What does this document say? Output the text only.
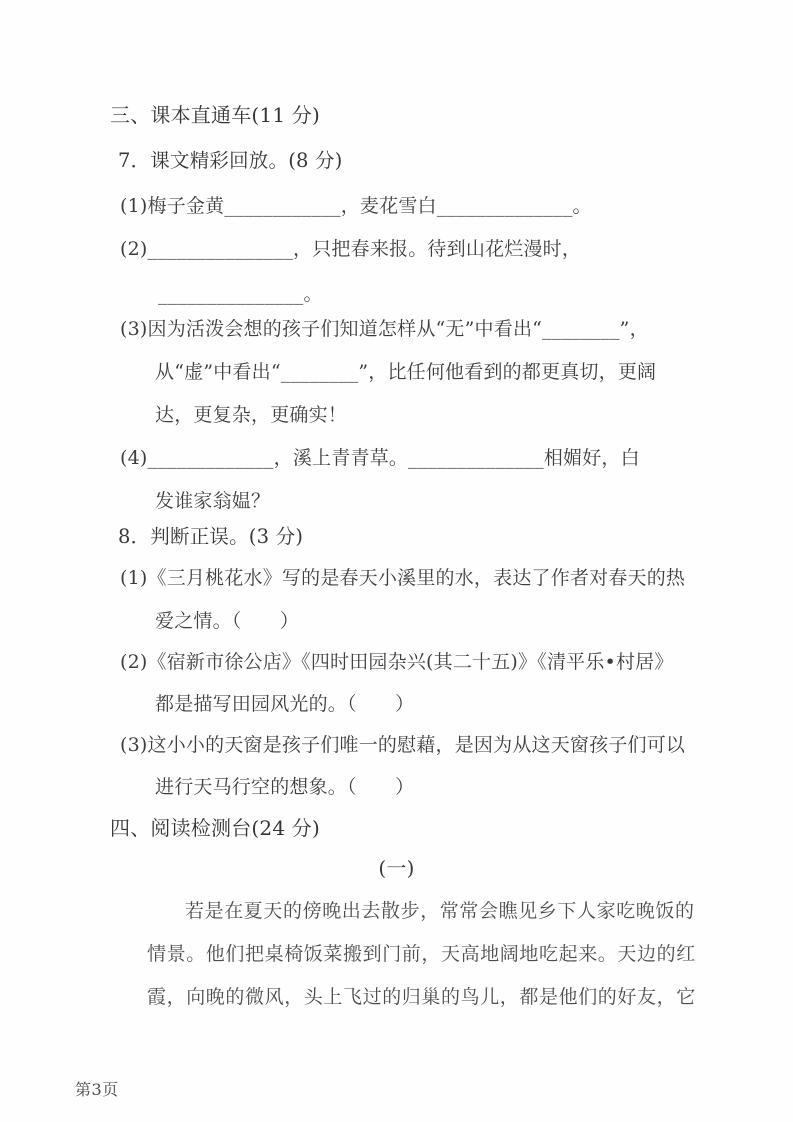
三、课本直通车(11 分)
7．课文精彩回放。(8 分)
(1)梅子金黄____________，麦花雪白______________。
(2)_______________，只把春来报。待到山花烂漫时，
_______________。
(3)因为活泼会想的孩子们知道怎样从“无”中看出“________”，
从“虚”中看出“________”，比任何他看到的都更真切，更阔
达，更复杂，更确实！
(4)_____________，溪上青青草。______________相媚好，白
发谁家翁媪？
8．判断正误。(3 分)
(1)《三月桃花水》写的是春天小溪里的水，表达了作者对春天的热
爱之情。（　　）
(2)《宿新市徐公店》《四时田园杂兴(其二十五)》《清平乐•村居》
都是描写田园风光的。（　　）
(3)这小小的天窗是孩子们唯一的慰藉，是因为从这天窗孩子们可以
进行天马行空的想象。（　　）
四、阅读检测台(24 分)
(一)
若是在夏天的傍晚出去散步，常常会瞧见乡下人家吃晚饭的
情景。他们把桌椅饭菜搬到门前，天高地阔地吃起来。天边的红
霞，向晚的微风，头上飞过的归巢的鸟儿，都是他们的好友，它
第3页
